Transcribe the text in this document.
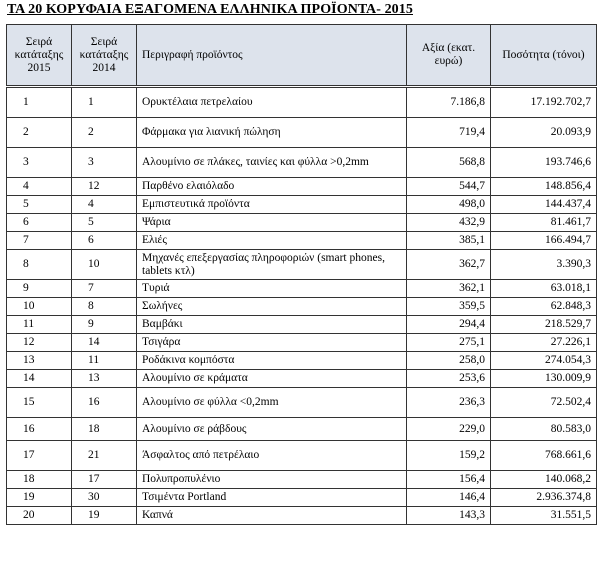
ΤΑ 20 ΚΟΡΥΦΑΙΑ ΕΞΑΓΟΜΕΝΑ ΕΛΛΗΝΙΚΑ ΠΡΟΪΟΝΤΑ- 2015
Σειρά κατάταξης 2015	Σειρά κατάταξης 2014	Περιγραφή προϊόντος	Αξία (εκατ. ευρώ)	Ποσότητα (τόνοι)
1	1	Ορυκτέλαια πετρελαίου	7.186,8	17.192.702,7
2	2	Φάρμακα για λιανική πώληση	719,4	20.093,9
3	3	Αλουμίνιο σε πλάκες, ταινίες και φύλλα >0,2mm	568,8	193.746,6
4	12	Παρθένο ελαιόλαδο	544,7	148.856,4
5	4	Εμπιστευτικά προϊόντα	498,0	144.437,4
6	5	Ψάρια	432,9	81.461,7
7	6	Ελιές	385,1	166.494,7
8	10	Μηχανές επεξεργασίας πληροφοριών (smart phones, tablets κτλ)	362,7	3.390,3
9	7	Τυριά	362,1	63.018,1
10	8	Σωλήνες	359,5	62.848,3
11	9	Βαμβάκι	294,4	218.529,7
12	14	Τσιγάρα	275,1	27.226,1
13	11	Ροδάκινα κομπόστα	258,0	274.054,3
14	13	Αλουμίνιο σε κράματα	253,6	130.009,9
15	16	Αλουμίνιο σε φύλλα <0,2mm	236,3	72.502,4
16	18	Αλουμίνιο σε ράβδους	229,0	80.583,0
17	21	Άσφαλτος από πετρέλαιο	159,2	768.661,6
18	17	Πολυπροπυλένιο	156,4	140.068,2
19	30	Τσιμέντα Portland	146,4	2.936.374,8
20	19	Καπνά	143,3	31.551,5
